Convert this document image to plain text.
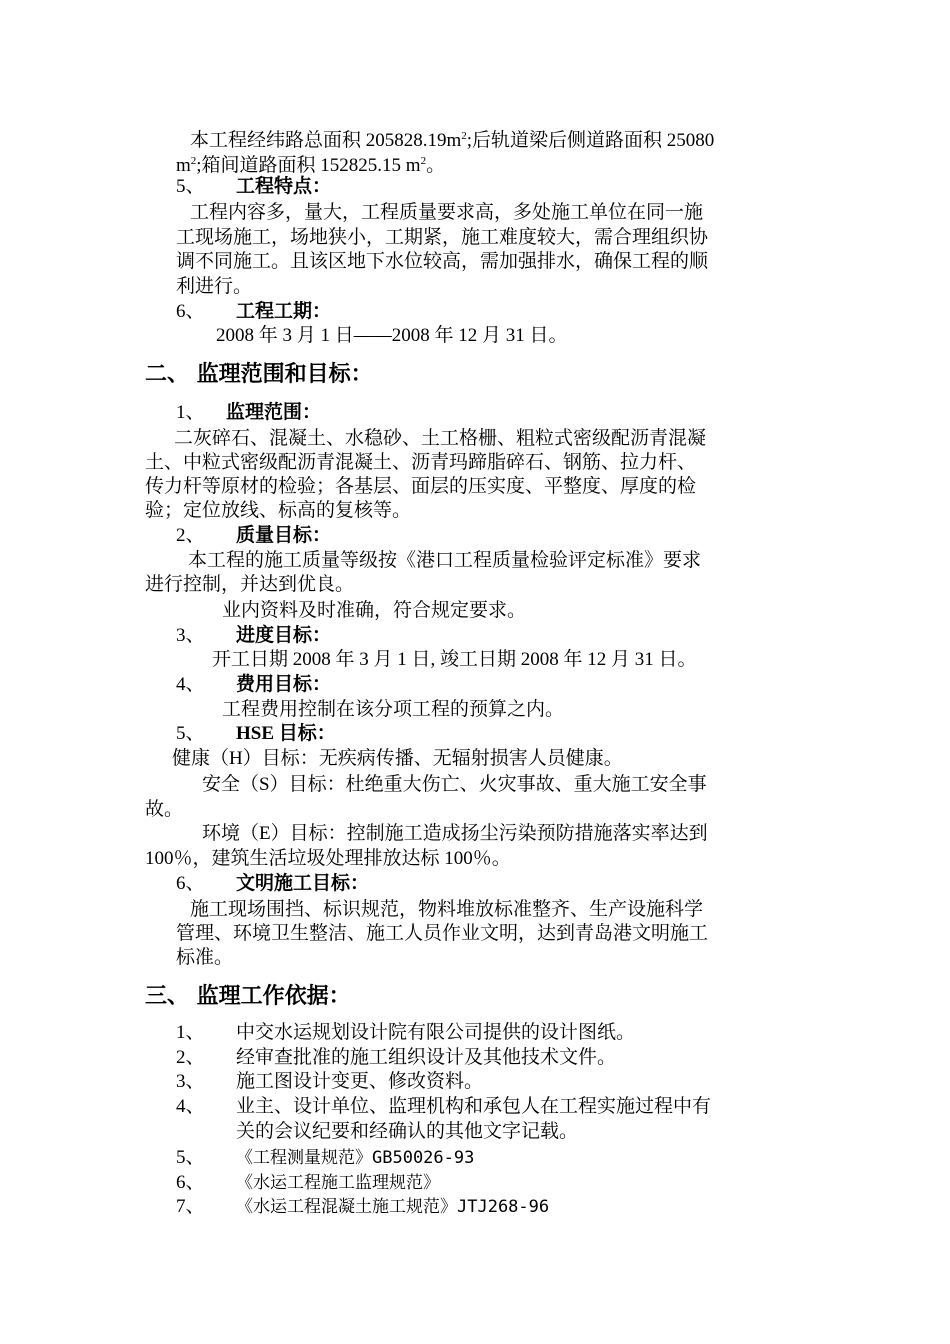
本工程经纬路总面积 $205828.19m^2$;后轨道梁后侧道路面积 25080
$m^2$;箱间道路面积 152825.15 $m^2$。
5、 工程特点：
工程内容多，量大，工程质量要求高，多处施工单位在同一施
工现场施工，场地狭小，工期紧，施工难度较大，需合理组织协
调不同施工。且该区地下水位较高，需加强排水，确保工程的顺
利进行。
6、 工程工期：
2008 年 3 月 1 日——2008 年 12 月 31 日。
二、 监理范围和目标：
1、 监理范围：
二灰碎石、混凝土、水稳砂、土工格栅、粗粒式密级配沥青混凝
土、中粒式密级配沥青混凝土、沥青玛蹄脂碎石、钢筋、拉力杆、
传力杆等原材的检验；各基层、面层的压实度、平整度、厚度的检
验；定位放线、标高的复核等。
2、 质量目标：
本工程的施工质量等级按《港口工程质量检验评定标准》要求
进行控制，并达到优良。
业内资料及时准确，符合规定要求。
3、 进度目标：
开工日期 2008 年 3 月 1 日, 竣工日期 2008 年 12 月 31 日。
4、 费用目标：
工程费用控制在该分项工程的预算之内。
5、 HSE 目标：
健康（H）目标：无疾病传播、无辐射损害人员健康。
安全（S）目标：杜绝重大伤亡、火灾事故、重大施工安全事
故。
环境（E）目标：控制施工造成扬尘污染预防措施落实率达到
100％，建筑生活垃圾处理排放达标 100％。
6、 文明施工目标：
施工现场围挡、标识规范，物料堆放标准整齐、生产设施科学
管理、环境卫生整洁、施工人员作业文明，达到青岛港文明施工
标准。
三、 监理工作依据：
1、 中交水运规划设计院有限公司提供的设计图纸。
2、 经审查批准的施工组织设计及其他技术文件。
3、 施工图设计变更、修改资料。
4、 业主、设计单位、监理机构和承包人在工程实施过程中有
关的会议纪要和经确认的其他文字记载。
5、 《工程测量规范》GB50026-93
6、 《水运工程施工监理规范》
7、 《水运工程混凝土施工规范》JTJ268-96
